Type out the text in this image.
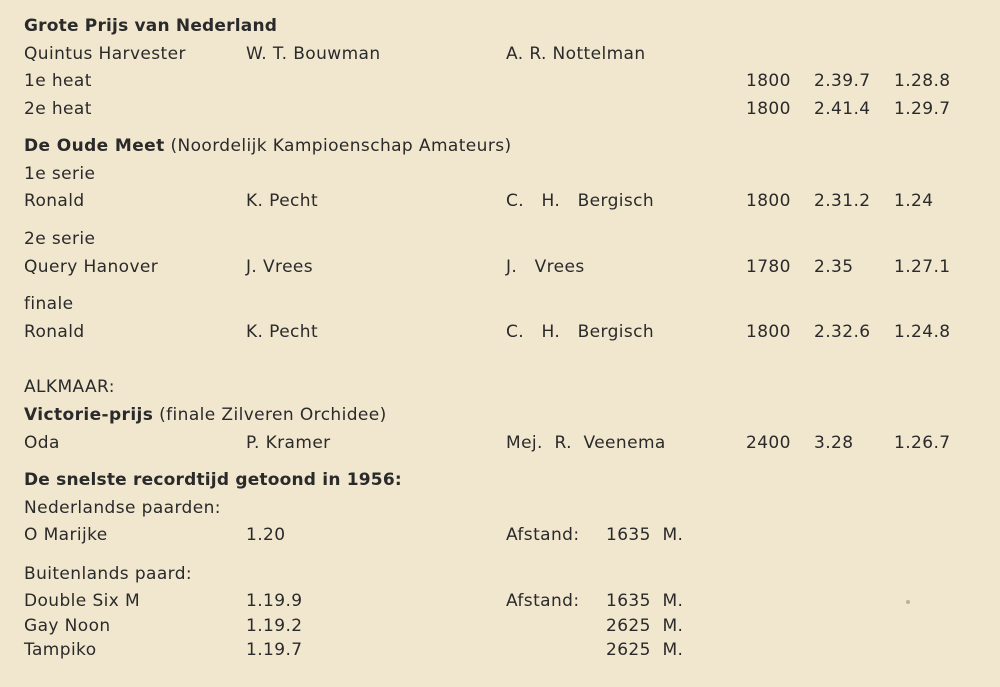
Grote Prijs van Nederland
Quintus Harvester	W. T. Bouwman	A. R. Nottelman
1e heat	1800 2.39.7 1.28.8
2e heat	1800 2.41.4 1.29.7
De Oude Meet (Noordelijk Kampioenschap Amateurs)
1e serie
Ronald	K. Pecht	C.   H.   Bergisch	1800 2.31.2 1.24
2e serie
Query Hanover	J. Vrees	J.   Vrees	1780 2.35 1.27.1
finale
Ronald	K. Pecht	C.   H.   Bergisch	1800 2.32.6 1.24.8
ALKMAAR:
Victorie-prijs (finale Zilveren Orchidee)
Oda	P. Kramer	Mej.  R.  Veenema	2400 3.28 1.26.7
De snelste recordtijd getoond in 1956:
Nederlandse paarden:
O Marijke	1.20	Afstand: 1635  M.
Buitenlands paard:
Double Six M	1.19.9	Afstand: 1635  M.
Gay Noon	1.19.2	2625  M.
Tampiko	1.19.7	2625  M.
